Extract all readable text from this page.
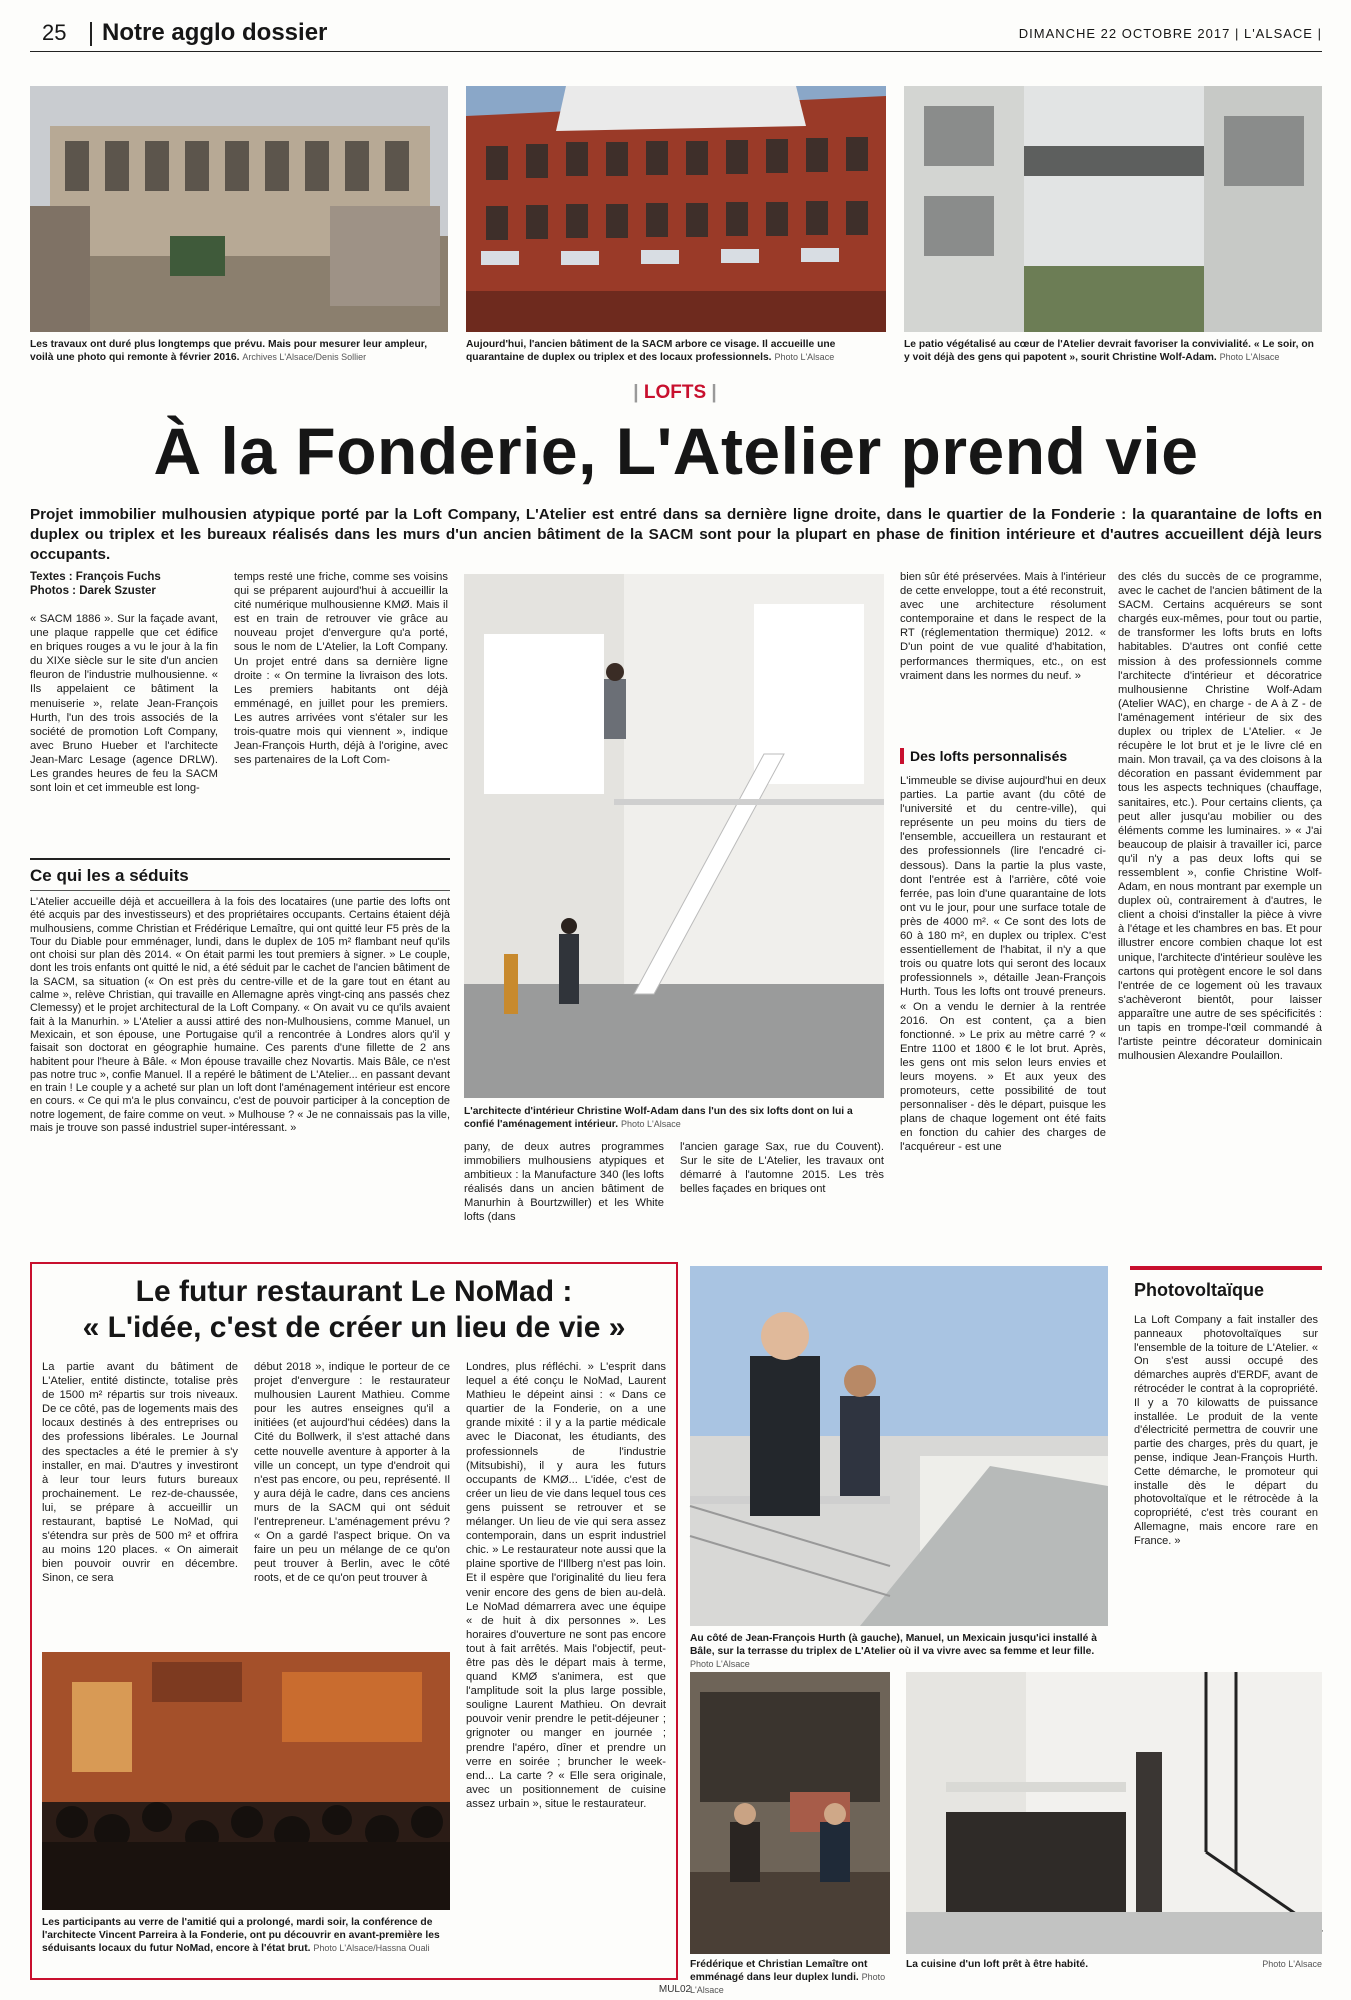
25 Notre agglo dossier	DIMANCHE 22 OCTOBRE 2017 | L'ALSACE |
Les travaux ont duré plus longtemps que prévu. Mais pour mesurer leur ampleur, voilà une photo qui remonte à février 2016. Archives L'Alsace/Denis Sollier
Aujourd'hui, l'ancien bâtiment de la SACM arbore ce visage. Il accueille une quarantaine de duplex ou triplex et des locaux professionnels. Photo L'Alsace
Le patio végétalisé au cœur de l'Atelier devrait favoriser la convivialité. « Le soir, on y voit déjà des gens qui papotent », sourit Christine Wolf-Adam. Photo L'Alsace
| LOFTS |
À la Fonderie, L'Atelier prend vie
Projet immobilier mulhousien atypique porté par la Loft Company, L'Atelier est entré dans sa dernière ligne droite, dans le quartier de la Fonderie : la quarantaine de lofts en duplex ou triplex et les bureaux réalisés dans les murs d'un ancien bâtiment de la SACM sont pour la plupart en phase de finition intérieure et d'autres accueillent déjà leurs occupants.
Textes : François Fuchs
Photos : Darek Szuster
« SACM 1886 ». Sur la façade avant, une plaque rappelle que cet édifice en briques rouges a vu le jour à la fin du XIXe siècle sur le site d'un ancien fleuron de l'industrie mulhousienne. « Ils appelaient ce bâtiment la menuiserie », relate Jean-François Hurth, l'un des trois associés de la société de promotion Loft Company, avec Bruno Hueber et l'architecte Jean-Marc Lesage (agence DRLW). Les grandes heures de feu la SACM sont loin et cet immeuble est long-
temps resté une friche, comme ses voisins qui se préparent aujourd'hui à accueillir la cité numérique mulhousienne KMØ. Mais il est en train de retrouver vie grâce au nouveau projet d'envergure qu'a porté, sous le nom de L'Atelier, la Loft Company. Un projet entré dans sa dernière ligne droite : « On termine la livraison des lots. Les premiers habitants ont déjà emménagé, en juillet pour les premiers. Les autres arrivées vont s'étaler sur les trois-quatre mois qui viennent », indique Jean-François Hurth, déjà à l'origine, avec ses partenaires de la Loft Com-
L'architecte d'intérieur Christine Wolf-Adam dans l'un des six lofts dont on lui a confié l'aménagement intérieur. Photo L'Alsace
pany, de deux autres programmes immobiliers mulhousiens atypiques et ambitieux : la Manufacture 340 (les lofts réalisés dans un ancien bâtiment de Manurhin à Bourtzwiller) et les White lofts (dans
l'ancien garage Sax, rue du Couvent). Sur le site de L'Atelier, les travaux ont démarré à l'automne 2015. Les très belles façades en briques ont
bien sûr été préservées. Mais à l'intérieur de cette enveloppe, tout a été reconstruit, avec une architecture résolument contemporaine et dans le respect de la RT (réglementation thermique) 2012. « D'un point de vue qualité d'habitation, performances thermiques, etc., on est vraiment dans les normes du neuf. »
Des lofts personnalisés
L'immeuble se divise aujourd'hui en deux parties. La partie avant (du côté de l'université et du centre-ville), qui représente un peu moins du tiers de l'ensemble, accueillera un restaurant et des professionnels (lire l'encadré ci-dessous). Dans la partie la plus vaste, dont l'entrée est à l'arrière, côté voie ferrée, pas loin d'une quarantaine de lots ont vu le jour, pour une surface totale de près de 4000 m². « Ce sont des lots de 60 à 180 m², en duplex ou triplex. C'est essentiellement de l'habitat, il n'y a que trois ou quatre lots qui seront des locaux professionnels », détaille Jean-François Hurth. Tous les lofts ont trouvé preneurs. « On a vendu le dernier à la rentrée 2016. On est content, ça a bien fonctionné. » Le prix au mètre carré ? « Entre 1100 et 1800 € le lot brut. Après, les gens ont mis selon leurs envies et leurs moyens. » Et aux yeux des promoteurs, cette possibilité de tout personnaliser - dès le départ, puisque les plans de chaque logement ont été faits en fonction du cahier des charges de l'acquéreur - est une
des clés du succès de ce programme, avec le cachet de l'ancien bâtiment de la SACM. Certains acquéreurs se sont chargés eux-mêmes, pour tout ou partie, de transformer les lofts bruts en lofts habitables. D'autres ont confié cette mission à des professionnels comme l'architecte d'intérieur et décoratrice mulhousienne Christine Wolf-Adam (Atelier WAC), en charge - de A à Z - de l'aménagement intérieur de six des duplex ou triplex de L'Atelier. « Je récupère le lot brut et je le livre clé en main. Mon travail, ça va des cloisons à la décoration en passant évidemment par tous les aspects techniques (chauffage, sanitaires, etc.). Pour certains clients, ça peut aller jusqu'au mobilier ou des éléments comme les luminaires. » « J'ai beaucoup de plaisir à travailler ici, parce qu'il n'y a pas deux lofts qui se ressemblent », confie Christine Wolf-Adam, en nous montrant par exemple un duplex où, contrairement à d'autres, le client a choisi d'installer la pièce à vivre à l'étage et les chambres en bas. Et pour illustrer encore combien chaque lot est unique, l'architecte d'intérieur soulève les cartons qui protègent encore le sol dans l'entrée de ce logement où les travaux s'achèveront bientôt, pour laisser apparaître une autre de ses spécificités : un tapis en trompe-l'œil commandé à l'artiste peintre décorateur dominicain mulhousien Alexandre Poulaillon.
Ce qui les a séduits
L'Atelier accueille déjà et accueillera à la fois des locataires (une partie des lofts ont été acquis par des investisseurs) et des propriétaires occupants. Certains étaient déjà mulhousiens, comme Christian et Frédérique Lemaître, qui ont quitté leur F5 près de la Tour du Diable pour emménager, lundi, dans le duplex de 105 m² flambant neuf qu'ils ont choisi sur plan dès 2014. « On était parmi les tout premiers à signer. » Le couple, dont les trois enfants ont quitté le nid, a été séduit par le cachet de l'ancien bâtiment de la SACM, sa situation (« On est près du centre-ville et de la gare tout en étant au calme », relève Christian, qui travaille en Allemagne après vingt-cinq ans passés chez Clemessy) et le projet architectural de la Loft Company. « On avait vu ce qu'ils avaient fait à la Manurhin. » L'Atelier a aussi attiré des non-Mulhousiens, comme Manuel, un Mexicain, et son épouse, une Portugaise qu'il a rencontrée à Londres alors qu'il y faisait son doctorat en géographie humaine. Ces parents d'une fillette de 2 ans habitent pour l'heure à Bâle. « Mon épouse travaille chez Novartis. Mais Bâle, ce n'est pas notre truc », confie Manuel. Il a repéré le bâtiment de L'Atelier... en passant devant en train ! Le couple y a acheté sur plan un loft dont l'aménagement intérieur est encore en cours. « Ce qui m'a le plus convaincu, c'est de pouvoir participer à la conception de notre logement, de faire comme on veut. » Mulhouse ? « Je ne connaissais pas la ville, mais je trouve son passé industriel super-intéressant. »
Le futur restaurant Le NoMad :
« L'idée, c'est de créer un lieu de vie »
La partie avant du bâtiment de L'Atelier, entité distincte, totalise près de 1500 m² répartis sur trois niveaux. De ce côté, pas de logements mais des locaux destinés à des entreprises ou des professions libérales. Le Journal des spectacles a été le premier à s'y installer, en mai. D'autres y investiront à leur tour leurs futurs bureaux prochainement. Le rez-de-chaussée, lui, se prépare à accueillir un restaurant, baptisé Le NoMad, qui s'étendra sur près de 500 m² et offrira au moins 120 places. « On aimerait bien pouvoir ouvrir en décembre. Sinon, ce sera
début 2018 », indique le porteur de ce projet d'envergure : le restaurateur mulhousien Laurent Mathieu. Comme pour les autres enseignes qu'il a initiées (et aujourd'hui cédées) dans la Cité du Bollwerk, il s'est attaché dans cette nouvelle aventure à apporter à la ville un concept, un type d'endroit qui n'est pas encore, ou peu, représenté. Il y aura déjà le cadre, dans ces anciens murs de la SACM qui ont séduit l'entrepreneur. L'aménagement prévu ? « On a gardé l'aspect brique. On va faire un peu un mélange de ce qu'on peut trouver à Berlin, avec le côté roots, et de ce qu'on peut trouver à
Londres, plus réfléchi. » L'esprit dans lequel a été conçu le NoMad, Laurent Mathieu le dépeint ainsi : « Dans ce quartier de la Fonderie, on a une grande mixité : il y a la partie médicale avec le Diaconat, les étudiants, des professionnels de l'industrie (Mitsubishi), il y aura les futurs occupants de KMØ... L'idée, c'est de créer un lieu de vie dans lequel tous ces gens puissent se retrouver et se mélanger. Un lieu de vie qui sera assez contemporain, dans un esprit industriel chic. » Le restaurateur note aussi que la plaine sportive de l'Illberg n'est pas loin. Et il espère que l'originalité du lieu fera venir encore des gens de bien au-delà. Le NoMad démarrera avec une équipe « de huit à dix personnes ». Les horaires d'ouverture ne sont pas encore tout à fait arrêtés. Mais l'objectif, peut-être pas dès le départ mais à terme, quand KMØ s'animera, est que l'amplitude soit la plus large possible, souligne Laurent Mathieu. On devrait pouvoir venir prendre le petit-déjeuner ; grignoter ou manger en journée ; prendre l'apéro, dîner et prendre un verre en soirée ; bruncher le week-end... La carte ? « Elle sera originale, avec un positionnement de cuisine assez urbain », situe le restaurateur.
Les participants au verre de l'amitié qui a prolongé, mardi soir, la conférence de l'architecte Vincent Parreira à la Fonderie, ont pu découvrir en avant-première les séduisants locaux du futur NoMad, encore à l'état brut. Photo L'Alsace/Hassna Ouali
Au côté de Jean-François Hurth (à gauche), Manuel, un Mexicain jusqu'ici installé à Bâle, sur la terrasse du triplex de L'Atelier où il va vivre avec sa femme et leur fille. Photo L'Alsace
Frédérique et Christian Lemaître ont emménagé dans leur duplex lundi. Photo L'Alsace
La cuisine d'un loft prêt à être habité.	Photo L'Alsace
Photovoltaïque
La Loft Company a fait installer des panneaux photovoltaïques sur l'ensemble de la toiture de L'Atelier. « On s'est aussi occupé des démarches auprès d'ERDF, avant de rétrocéder le contrat à la copropriété. Il y a 70 kilowatts de puissance installée. Le produit de la vente d'électricité permettra de couvrir une partie des charges, près du quart, je pense, indique Jean-François Hurth. Cette démarche, le promoteur qui installe dès le départ du photovoltaïque et le rétrocède à la copropriété, c'est très courant en Allemagne, mais encore rare en France. »
MUL02
